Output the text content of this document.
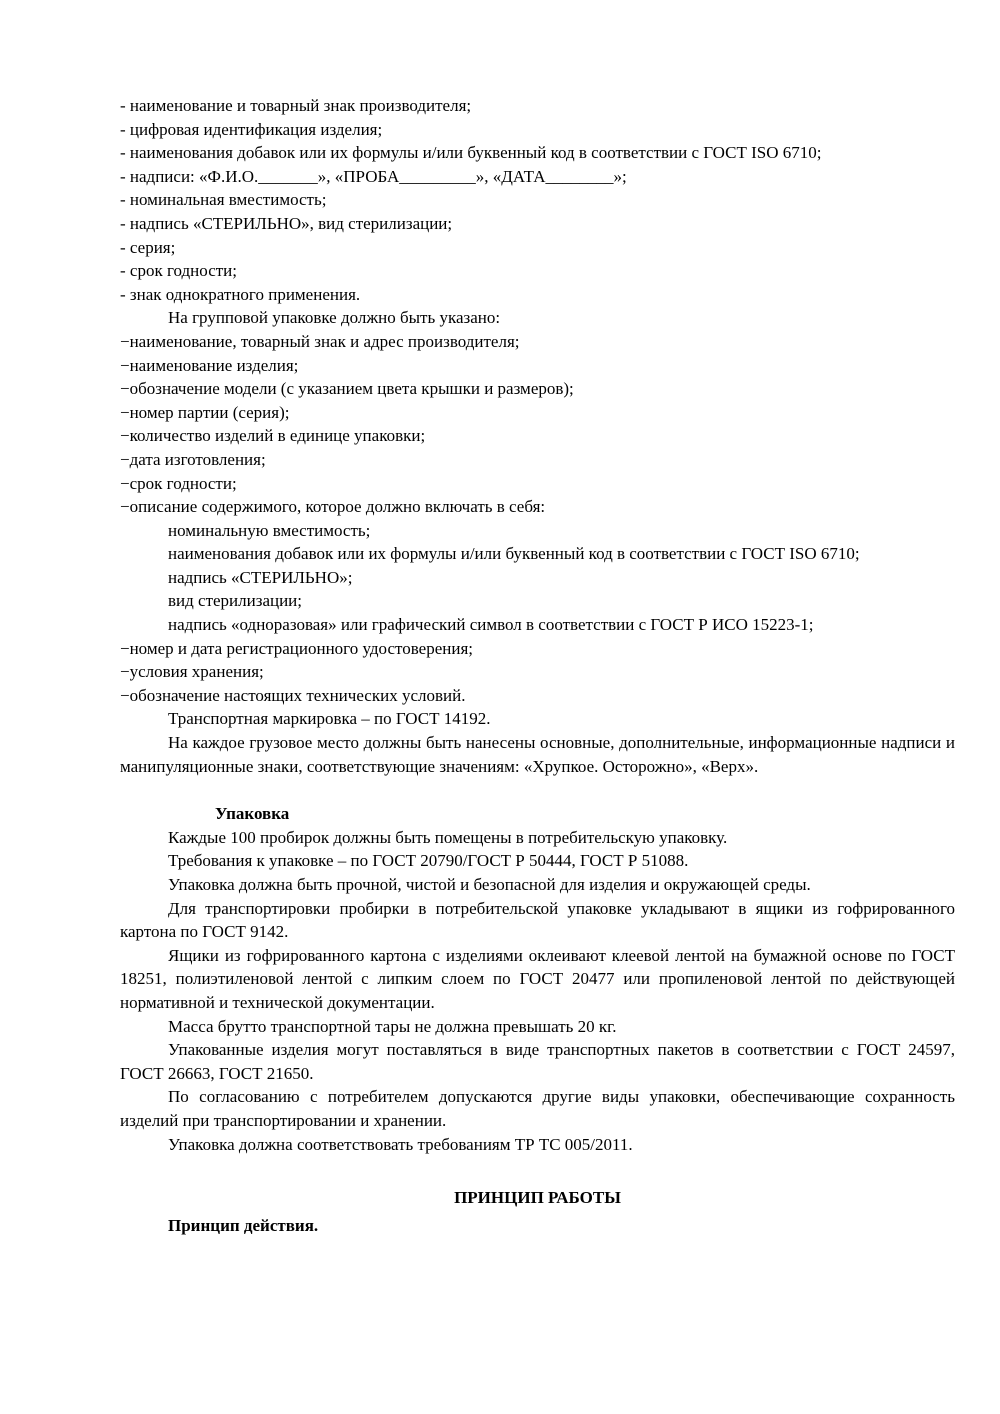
- наименование и товарный знак производителя;

- цифровая идентификация изделия;

- наименования добавок или их формулы и/или буквенный код в соответствии с ГОСТ ISO 6710;

- надписи: «Ф.И.О._______», «ПРОБА_________», «ДАТА________»;

- номинальная вместимость;

- надпись «СТЕРИЛЬНО», вид стерилизации;

- серия;

- срок годности;

- знак однократного применения.

На групповой упаковке должно быть указано:

−наименование, товарный знак и адрес производителя;

−наименование изделия;

−обозначение модели (с указанием цвета крышки и размеров);

−номер партии (серия);

−количество изделий в единице упаковки;

−дата изготовления;

−срок годности;

−описание содержимого, которое должно включать в себя:

номинальную вместимость;

наименования добавок или их формулы и/или буквенный код в соответствии с ГОСТ ISO 6710;

надпись «СТЕРИЛЬНО»;

вид стерилизации;

надпись «одноразовая» или графический символ в соответствии с ГОСТ Р ИСО 15223-1;

−номер и дата регистрационного удостоверения;

−условия хранения;

−обозначение настоящих технических условий.

Транспортная маркировка – по ГОСТ 14192.

На каждое грузовое место должны быть нанесены основные, дополнительные, информационные надписи и манипуляционные знаки, соответствующие значениям: «Хрупкое. Осторожно», «Верх».

Упаковка

Каждые 100 пробирок должны быть помещены в потребительскую упаковку.

Требования к упаковке – по ГОСТ 20790/ГОСТ Р 50444, ГОСТ Р 51088.

Упаковка должна быть прочной, чистой и безопасной для изделия и окружающей среды.

Для транспортировки пробирки в потребительской упаковке укладывают в ящики из гофрированного картона по ГОСТ 9142.

Ящики из гофрированного картона с изделиями оклеивают клеевой лентой на бумажной основе по ГОСТ 18251, полиэтиленовой лентой с липким слоем по ГОСТ 20477 или пропиленовой лентой по действующей нормативной и технической документации.

Масса брутто транспортной тары не должна превышать 20 кг.

Упакованные изделия могут поставляться в виде транспортных пакетов в соответствии с ГОСТ 24597, ГОСТ 26663, ГОСТ 21650.

По согласованию с потребителем допускаются другие виды упаковки, обеспечивающие сохранность изделий при транспортировании и хранении.

Упаковка должна соответствовать требованиям ТР ТС 005/2011.

ПРИНЦИП РАБОТЫ

Принцип действия.
